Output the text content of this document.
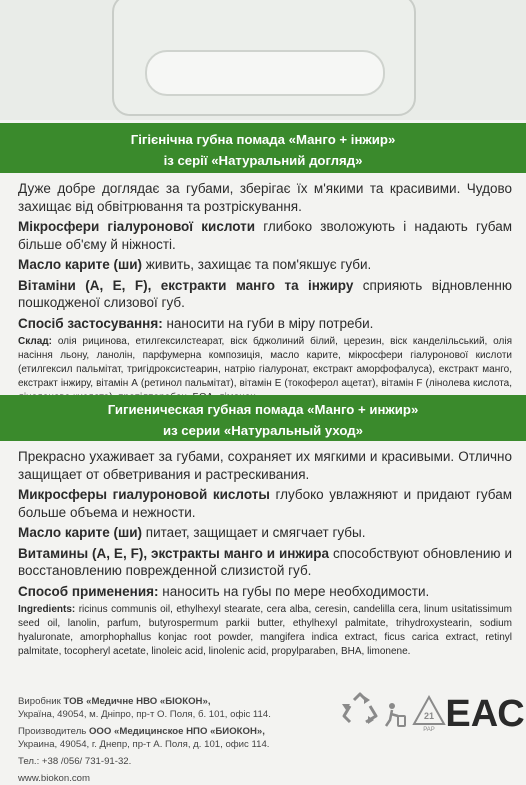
Гігієнічна губна помада «Манго + інжир»
із серії «Натуральний догляд»

Дуже добре доглядає за губами, зберігає їх м'якими та красивими. Чудово захищає від обвітрювання та розтріскування.

Мікросфери гіалуронової кислоти глибоко зволожують і надають губам більше об'єму й ніжності.

Масло карите (ши) живить, захищає та пом'якшує губи.

Вітаміни (А, Е, F), екстракти манго та інжиру сприяють відновленню пошкодженої слизової губ.

Спосіб застосування: наносити на губи в міру потреби.

Склад: олія рицинова, етилгексилстеарат, віск бджолиний білий, церезин, віск канделільський, олія насіння льону, ланолін, парфумерна композиція, масло карите, мікросфери гіалуронової кислоти (етилгексил пальмітат, тригідроксистеарин, натрію гіалуронат, екстракт аморфофалуса), екстракт манго, екстракт інжиру, вітамін А (ретинол пальмітат), вітамін Е (токоферол ацетат), вітамін F (лінолева кислота,

Гигиеническая губная помада «Манго + инжир»
из серии «Натуральный уход»

Прекрасно ухаживает за губами, сохраняет их мягкими и красивыми. Отлично защищает от обветривания и растрескивания.

Микросферы гиалуроновой кислоты глубоко увлажняют и придают губам больше объема и нежности.

Масло карите (ши) питает, защищает и смягчает губы.

Витамины (А, Е, F), экстракты манго и инжира способствуют обновлению и восстановлению поврежденной слизистой губ.

Способ применения: наносить на губы по мере необходимости.

Ingredients: ricinus communis oil, ethylhexyl stearate, cera alba, ceresin, candelilla cera, linum usitatissimum seed oil, lanolin, parfum, butyrospermum parkii butter, ethylhexyl palmitate, trihydroxystearin, sodium hyaluronate, amorphophallus konjac root powder, mangifera indica extract, ficus carica extract, retinyl palmitate, tocopheryl acetate, linoleic acid, linolenic acid, propylparaben, BHA, limonene.

Виробник ТОВ «Медичне НВО «БІОКОН»,
Україна, 49054, м. Дніпро, пр-т О. Поля, б. 101, офіс 114.
Производитель ООО «Медицинское НПО «БИОКОН»,
Украина, 49054, г. Днепр, пр-т А. Поля, д. 101, офис 114.
Тел.: +38 /056/ 731-91-32.
www.biokon.com
21
PAP ЕАС
